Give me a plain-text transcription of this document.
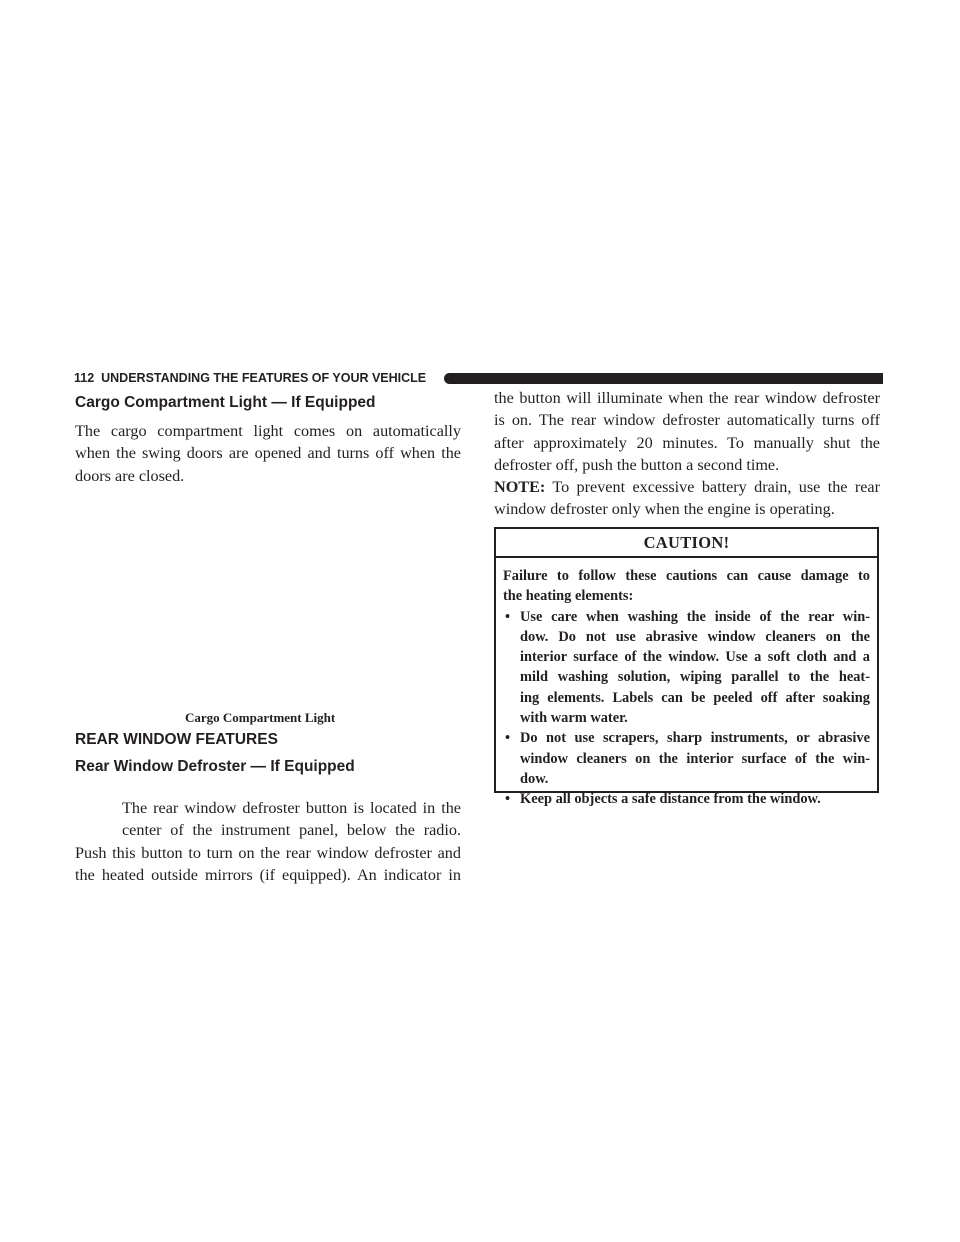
112 UNDERSTANDING THE FEATURES OF YOUR VEHICLE
Cargo Compartment Light — If Equipped
The cargo compartment light comes on automatically
when the swing doors are opened and turns off when the
doors are closed.
Cargo Compartment Light
REAR WINDOW FEATURES
Rear Window Defroster — If Equipped
The rear window defroster button is located in the
center of the instrument panel, below the radio.
Push this button to turn on the rear window defroster and
the heated outside mirrors (if equipped). An indicator in
the button will illuminate when the rear window defroster
is on. The rear window defroster automatically turns off
after approximately 20 minutes. To manually shut the
defroster off, push the button a second time.
NOTE: To prevent excessive battery drain, use the rear
window defroster only when the engine is operating.
CAUTION!
Failure to follow these cautions can cause damage to
the heating elements:
• Use care when washing the inside of the rear win-
dow. Do not use abrasive window cleaners on the
interior surface of the window. Use a soft cloth and a
mild washing solution, wiping parallel to the heat-
ing elements. Labels can be peeled off after soaking
with warm water.
• Do not use scrapers, sharp instruments, or abrasive
window cleaners on the interior surface of the win-
dow.
• Keep all objects a safe distance from the window.
